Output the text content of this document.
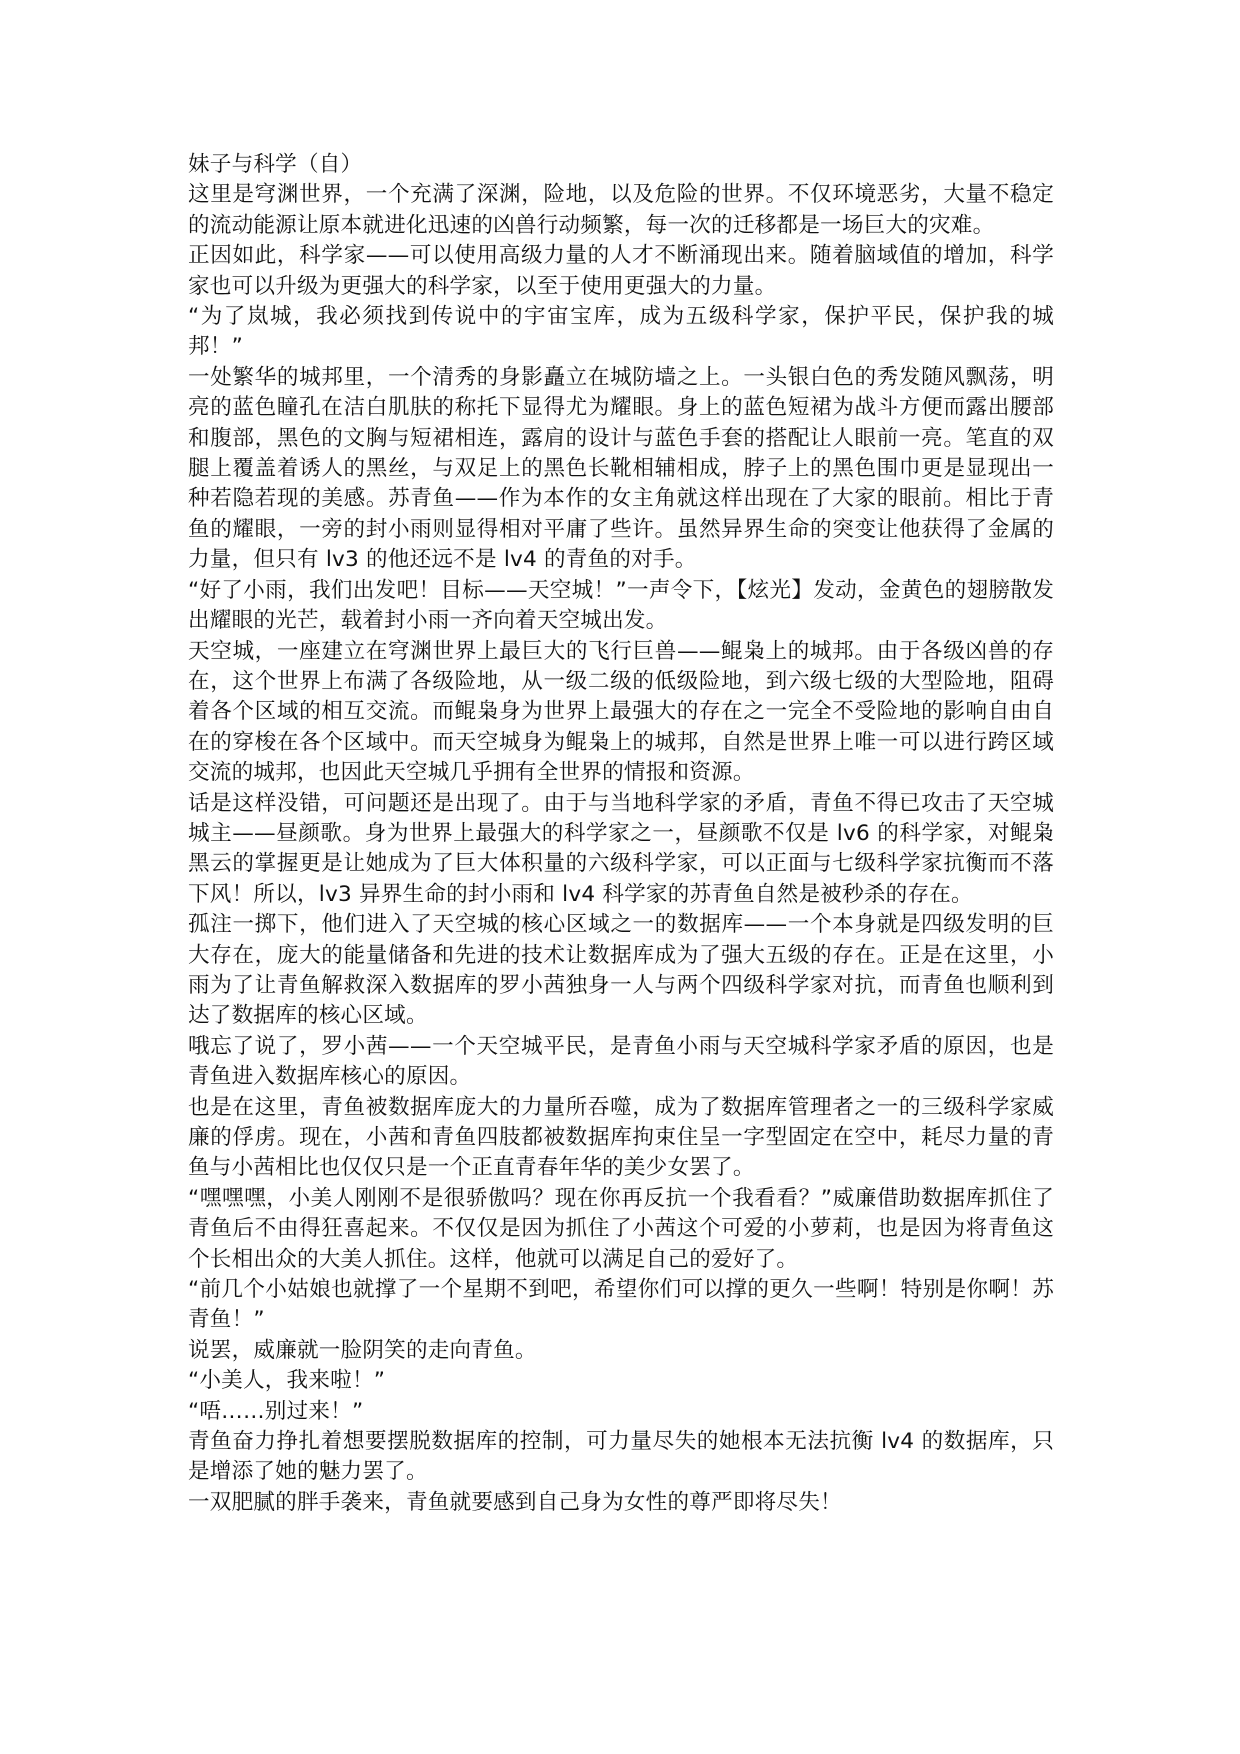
妹子与科学（自）

这里是穹渊世界，一个充满了深渊，险地，以及危险的世界。不仅环境恶劣，大量不稳定的流动能源让原本就进化迅速的凶兽行动频繁，每一次的迁移都是一场巨大的灾难。

正因如此，科学家——可以使用高级力量的人才不断涌现出来。随着脑域值的增加，科学家也可以升级为更强大的科学家，以至于使用更强大的力量。

“为了岚城，我必须找到传说中的宇宙宝库，成为五级科学家，保护平民，保护我的城邦！”

一处繁华的城邦里，一个清秀的身影矗立在城防墙之上。一头银白色的秀发随风飘荡，明亮的蓝色瞳孔在洁白肌肤的称托下显得尤为耀眼。身上的蓝色短裙为战斗方便而露出腰部和腹部，黑色的文胸与短裙相连，露肩的设计与蓝色手套的搭配让人眼前一亮。笔直的双腿上覆盖着诱人的黑丝，与双足上的黑色长靴相辅相成，脖子上的黑色围巾更是显现出一种若隐若现的美感。苏青鱼——作为本作的女主角就这样出现在了大家的眼前。相比于青鱼的耀眼，一旁的封小雨则显得相对平庸了些许。虽然异界生命的突变让他获得了金属的力量，但只有 lv3 的他还远不是 lv4 的青鱼的对手。

“好了小雨，我们出发吧！目标——天空城！”一声令下，【炫光】发动，金黄色的翅膀散发出耀眼的光芒，载着封小雨一齐向着天空城出发。

天空城，一座建立在穹渊世界上最巨大的飞行巨兽——鲲枭上的城邦。由于各级凶兽的存在，这个世界上布满了各级险地，从一级二级的低级险地，到六级七级的大型险地，阻碍着各个区域的相互交流。而鲲枭身为世界上最强大的存在之一完全不受险地的影响自由自在的穿梭在各个区域中。而天空城身为鲲枭上的城邦，自然是世界上唯一可以进行跨区域交流的城邦，也因此天空城几乎拥有全世界的情报和资源。

话是这样没错，可问题还是出现了。由于与当地科学家的矛盾，青鱼不得已攻击了天空城城主——昼颜歌。身为世界上最强大的科学家之一，昼颜歌不仅是 lv6 的科学家，对鲲枭黑云的掌握更是让她成为了巨大体积量的六级科学家，可以正面与七级科学家抗衡而不落下风！所以，lv3 异界生命的封小雨和 lv4 科学家的苏青鱼自然是被秒杀的存在。

孤注一掷下，他们进入了天空城的核心区域之一的数据库——一个本身就是四级发明的巨大存在，庞大的能量储备和先进的技术让数据库成为了强大五级的存在。正是在这里，小雨为了让青鱼解救深入数据库的罗小茜独身一人与两个四级科学家对抗，而青鱼也顺利到达了数据库的核心区域。

哦忘了说了，罗小茜——一个天空城平民，是青鱼小雨与天空城科学家矛盾的原因，也是青鱼进入数据库核心的原因。

也是在这里，青鱼被数据库庞大的力量所吞噬，成为了数据库管理者之一的三级科学家威廉的俘虏。现在，小茜和青鱼四肢都被数据库拘束住呈一字型固定在空中，耗尽力量的青鱼与小茜相比也仅仅只是一个正直青春年华的美少女罢了。

“嘿嘿嘿，小美人刚刚不是很骄傲吗？现在你再反抗一个我看看？”威廉借助数据库抓住了青鱼后不由得狂喜起来。不仅仅是因为抓住了小茜这个可爱的小萝莉，也是因为将青鱼这个长相出众的大美人抓住。这样，他就可以满足自己的爱好了。

“前几个小姑娘也就撑了一个星期不到吧，希望你们可以撑的更久一些啊！特别是你啊！苏青鱼！”

说罢，威廉就一脸阴笑的走向青鱼。

“小美人，我来啦！”

“唔……别过来！”

青鱼奋力挣扎着想要摆脱数据库的控制，可力量尽失的她根本无法抗衡 lv4 的数据库，只是增添了她的魅力罢了。

一双肥腻的胖手袭来，青鱼就要感到自己身为女性的尊严即将尽失！
